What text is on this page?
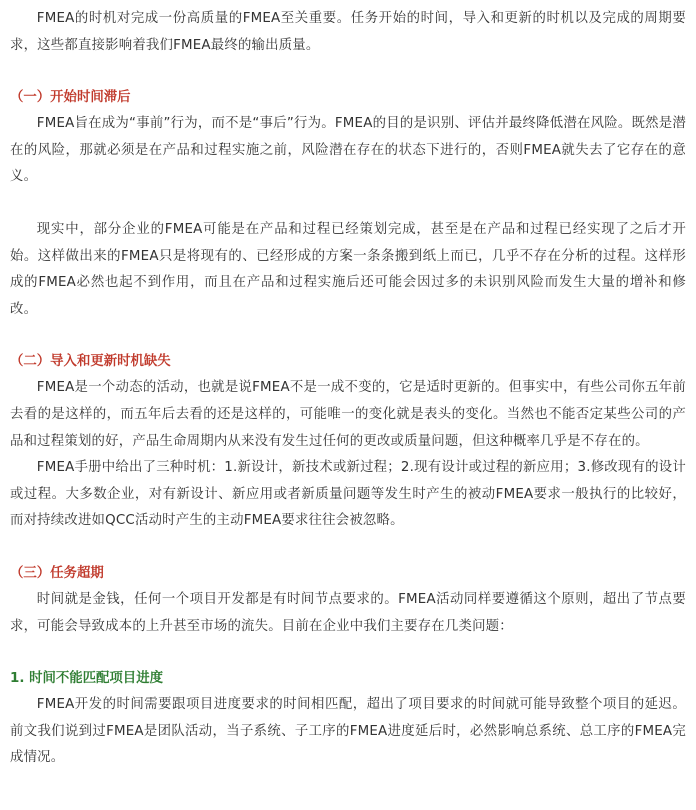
FMEA的时机对完成一份高质量的FMEA至关重要。任务开始的时间，导入和更新的时机以及完成的周期要求，这些都直接影响着我们FMEA最终的输出质量。

（一）开始时间滞后

FMEA旨在成为“事前”行为，而不是“事后”行为。FMEA的目的是识别、评估并最终降低潜在风险。既然是潜在的风险，那就必须是在产品和过程实施之前，风险潜在存在的状态下进行的，否则FMEA就失去了它存在的意义。

现实中，部分企业的FMEA可能是在产品和过程已经策划完成，甚至是在产品和过程已经实现了之后才开始。这样做出来的FMEA只是将现有的、已经形成的方案一条条搬到纸上而已，几乎不存在分析的过程。这样形成的FMEA必然也起不到作用，而且在产品和过程实施后还可能会因过多的未识别风险而发生大量的增补和修改。

（二）导入和更新时机缺失

FMEA是一个动态的活动，也就是说FMEA不是一成不变的，它是适时更新的。但事实中，有些公司你五年前去看的是这样的，而五年后去看的还是这样的，可能唯一的变化就是表头的变化。当然也不能否定某些公司的产品和过程策划的好，产品生命周期内从来没有发生过任何的更改或质量问题，但这种概率几乎是不存在的。

FMEA手册中给出了三种时机：1.新设计，新技术或新过程；2.现有设计或过程的新应用；3.修改现有的设计或过程。大多数企业，对有新设计、新应用或者新质量问题等发生时产生的被动FMEA要求一般执行的比较好，而对持续改进如QCC活动时产生的主动FMEA要求往往会被忽略。

（三）任务超期

时间就是金钱，任何一个项目开发都是有时间节点要求的。FMEA活动同样要遵循这个原则，超出了节点要求，可能会导致成本的上升甚至市场的流失。目前在企业中我们主要存在几类问题：

1. 时间不能匹配项目进度

FMEA开发的时间需要跟项目进度要求的时间相匹配，超出了项目要求的时间就可能导致整个项目的延迟。前文我们说到过FMEA是团队活动，当子系统、子工序的FMEA进度延后时，必然影响总系统、总工序的FMEA完成情况。
